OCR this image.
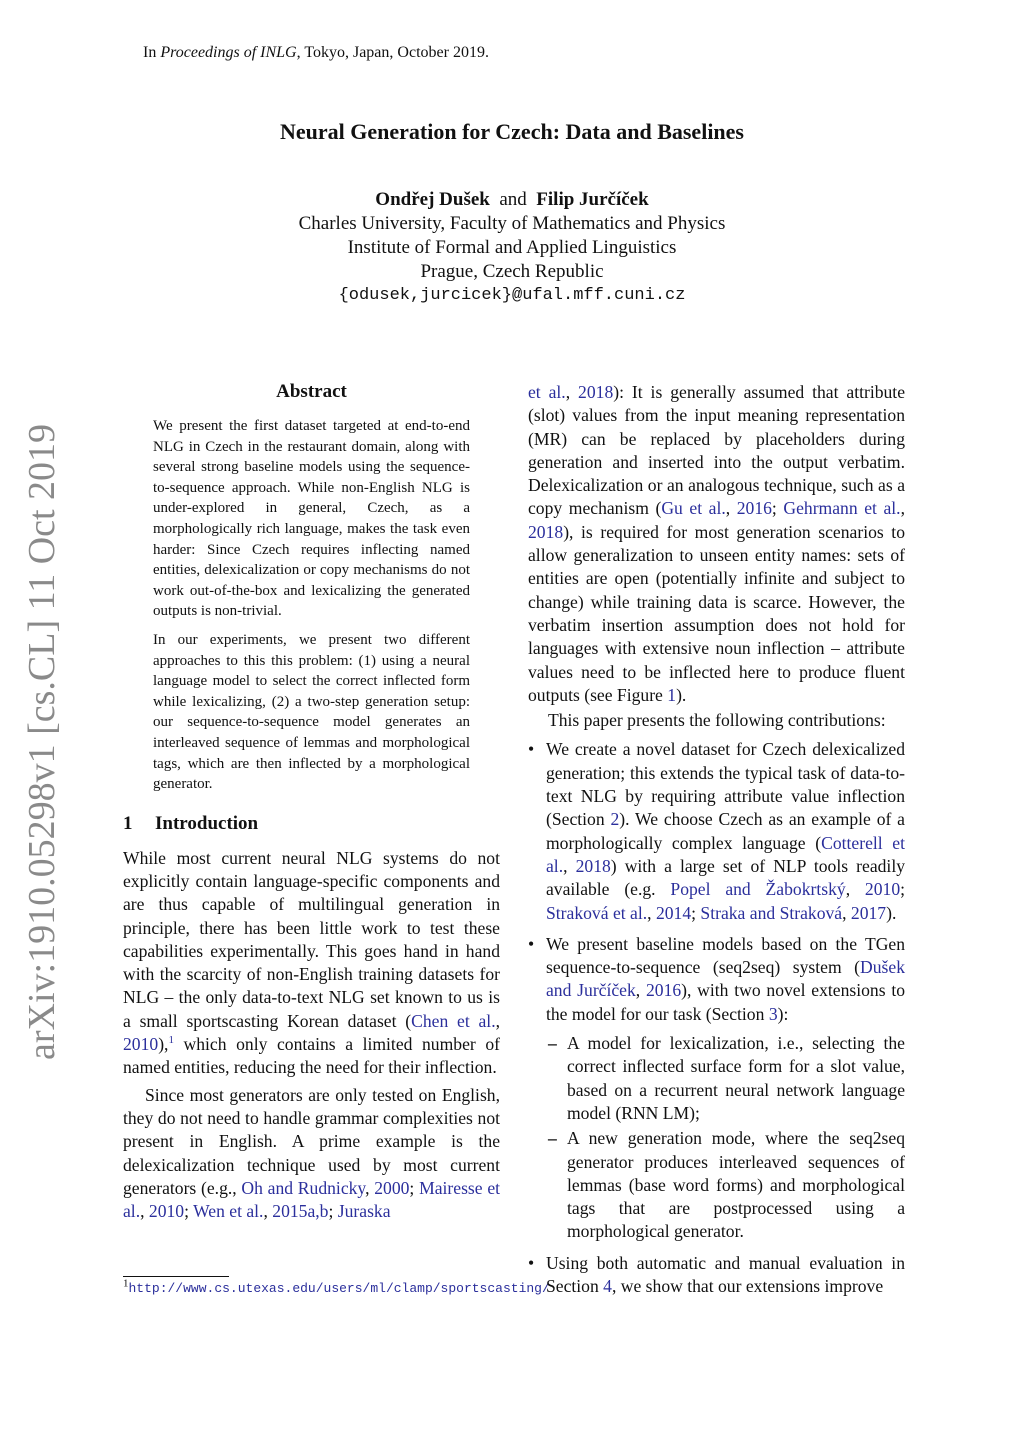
In Proceedings of INLG, Tokyo, Japan, October 2019.
Neural Generation for Czech: Data and Baselines
Ondřej Dušek and Filip Jurčíček
Charles University, Faculty of Mathematics and Physics
Institute of Formal and Applied Linguistics
Prague, Czech Republic
{odusek,jurcicek}@ufal.mff.cuni.cz
arXiv:1910.05298v1 [cs.CL] 11 Oct 2019
Abstract

We present the first dataset targeted at end-to-end NLG in Czech in the restaurant domain, along with several strong baseline models using the sequence-to-sequence approach. While non-English NLG is under-explored in general, Czech, as a morphologically rich language, makes the task even harder: Since Czech requires inflecting named entities, delexicalization or copy mechanisms do not work out-of-the-box and lexicalizing the generated outputs is non-trivial.

In our experiments, we present two different approaches to this this problem: (1) using a neural language model to select the correct inflected form while lexicalizing, (2) a two-step generation setup: our sequence-to-sequence model generates an interleaved sequence of lemmas and morphological tags, which are then inflected by a morphological generator.

1 Introduction

While most current neural NLG systems do not explicitly contain language-specific components and are thus capable of multilingual generation in principle, there has been little work to test these capabilities experimentally. This goes hand in hand with the scarcity of non-English training datasets for NLG – the only data-to-text NLG set known to us is a small sportscasting Korean dataset (Chen et al., 2010),$^1$ which only contains a limited number of named entities, reducing the need for their inflection.

Since most generators are only tested on English, they do not need to handle grammar complexities not present in English. A prime example is the delexicalization technique used by most current generators (e.g., Oh and Rudnicky, 2000; Mairesse et al., 2010; Wen et al., 2015a,b; Juraska

$^1$http://www.cs.utexas.edu/users/ml/clamp/sportscasting/

et al., 2018): It is generally assumed that attribute (slot) values from the input meaning representation (MR) can be replaced by placeholders during generation and inserted into the output verbatim. Delexicalization or an analogous technique, such as a copy mechanism (Gu et al., 2016; Gehrmann et al., 2018), is required for most generation scenarios to allow generalization to unseen entity names: sets of entities are open (potentially infinite and subject to change) while training data is scarce. However, the verbatim insertion assumption does not hold for languages with extensive noun inflection – attribute values need to be inflected here to produce fluent outputs (see Figure 1).

This paper presents the following contributions:

• We create a novel dataset for Czech delexicalized generation; this extends the typical task of data-to-text NLG by requiring attribute value inflection (Section 2). We choose Czech as an example of a morphologically complex language (Cotterell et al., 2018) with a large set of NLP tools readily available (e.g. Popel and Žabokrtský, 2010; Straková et al., 2014; Straka and Straková, 2017).
• We present baseline models based on the TGen sequence-to-sequence (seq2seq) system (Dušek and Jurčíček, 2016), with two novel extensions to the model for our task (Section 3):
– A model for lexicalization, i.e., selecting the correct inflected surface form for a slot value, based on a recurrent neural network language model (RNN LM);
– A new generation mode, where the seq2seq generator produces interleaved sequences of lemmas (base word forms) and morphological tags that are postprocessed using a morphological generator.
• Using both automatic and manual evaluation in Section 4, we show that our extensions improve
